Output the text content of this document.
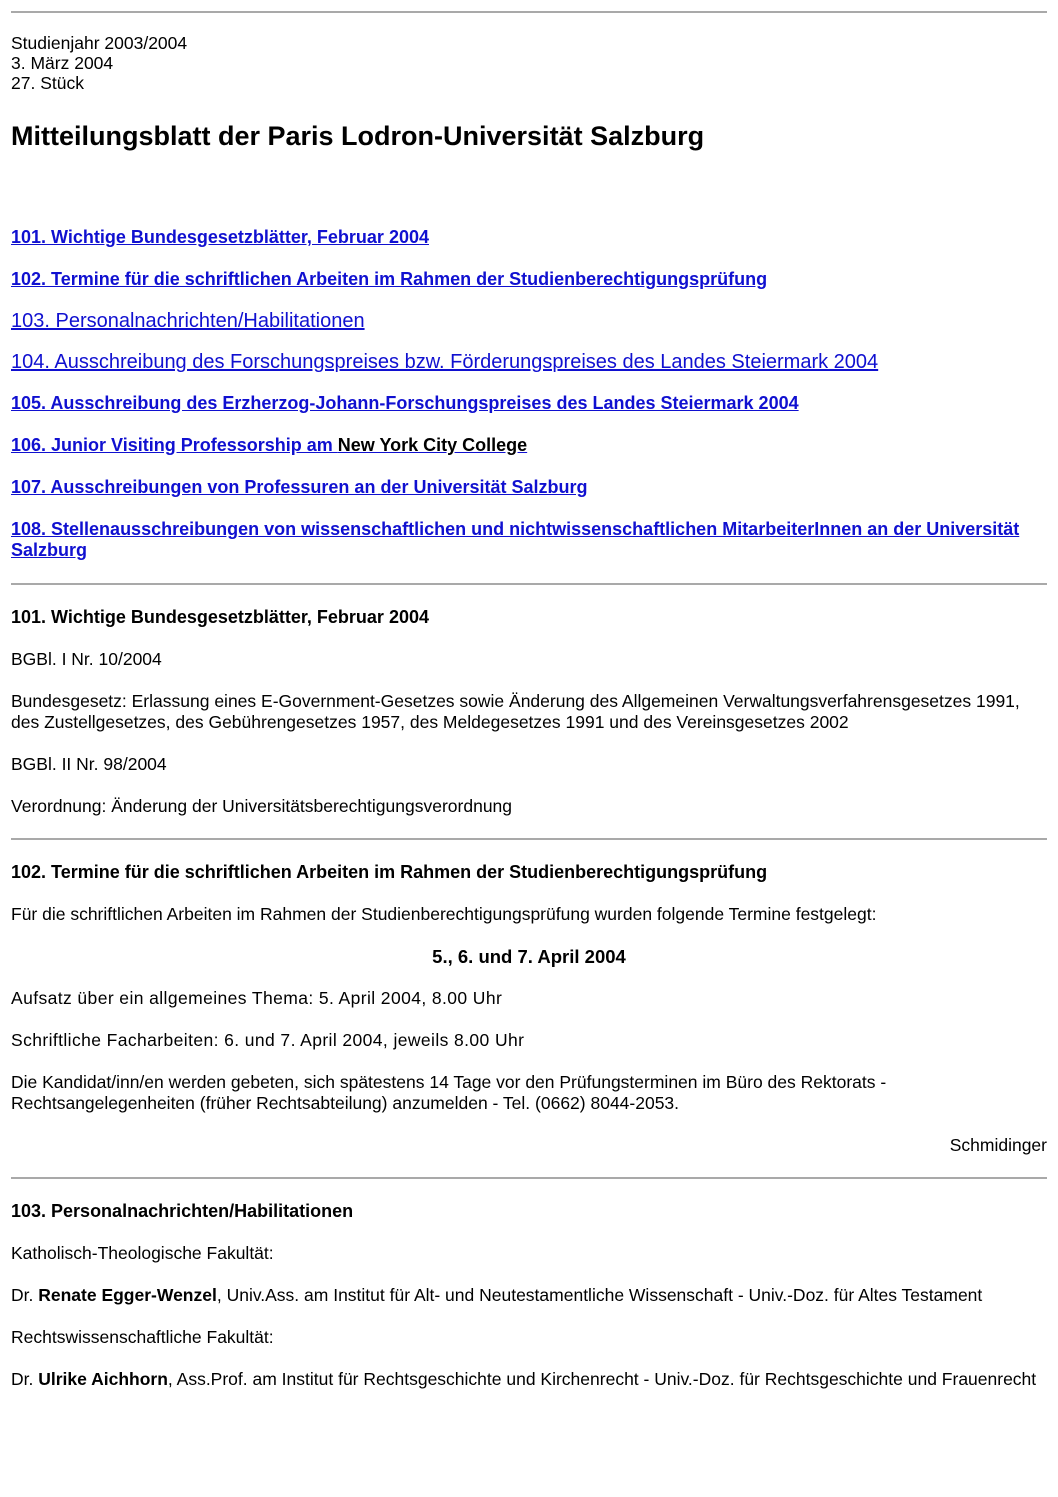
Studienjahr 2003/2004
3. März 2004
27. Stück
Mitteilungsblatt der Paris Lodron-Universität Salzburg
101. Wichtige Bundesgesetzblätter, Februar 2004
102. Termine für die schriftlichen Arbeiten im Rahmen der Studienberechtigungsprüfung
103. Personalnachrichten/Habilitationen
104. Ausschreibung des Forschungspreises bzw. Förderungspreises des Landes Steiermark 2004
105. Ausschreibung des Erzherzog-Johann-Forschungspreises des Landes Steiermark 2004
106. Junior Visiting Professorship am New York City College
107. Ausschreibungen von Professuren an der Universität Salzburg
108. Stellenausschreibungen von wissenschaftlichen und nichtwissenschaftlichen MitarbeiterInnen an der Universität Salzburg
101. Wichtige Bundesgesetzblätter, Februar 2004

BGBl. I Nr. 10/2004

Bundesgesetz: Erlassung eines E-Government-Gesetzes sowie Änderung des Allgemeinen Verwaltungsverfahrensgesetzes 1991, des Zustellgesetzes, des Gebührengesetzes 1957, des Meldegesetzes 1991 und des Vereinsgesetzes 2002

BGBl. II Nr. 98/2004

Verordnung: Änderung der Universitätsberechtigungsverordnung

102. Termine für die schriftlichen Arbeiten im Rahmen der Studienberechtigungsprüfung

Für die schriftlichen Arbeiten im Rahmen der Studienberechtigungsprüfung wurden folgende Termine festgelegt:

5., 6. und 7. April 2004

Aufsatz über ein allgemeines Thema: 5. April 2004, 8.00 Uhr

Schriftliche Facharbeiten: 6. und 7. April 2004, jeweils 8.00 Uhr

Die Kandidat/inn/en werden gebeten, sich spätestens 14 Tage vor den Prüfungsterminen im Büro des Rektorats - Rechtsangelegenheiten (früher Rechtsabteilung) anzumelden - Tel. (0662) 8044-2053.

Schmidinger

103. Personalnachrichten/Habilitationen

Katholisch-Theologische Fakultät:

Dr. Renate Egger-Wenzel, Univ.Ass. am Institut für Alt- und Neutestamentliche Wissenschaft - Univ.-Doz. für Altes Testament

Rechtswissenschaftliche Fakultät:

Dr. Ulrike Aichhorn, Ass.Prof. am Institut für Rechtsgeschichte und Kirchenrecht - Univ.-Doz. für Rechtsgeschichte und Frauenrecht
